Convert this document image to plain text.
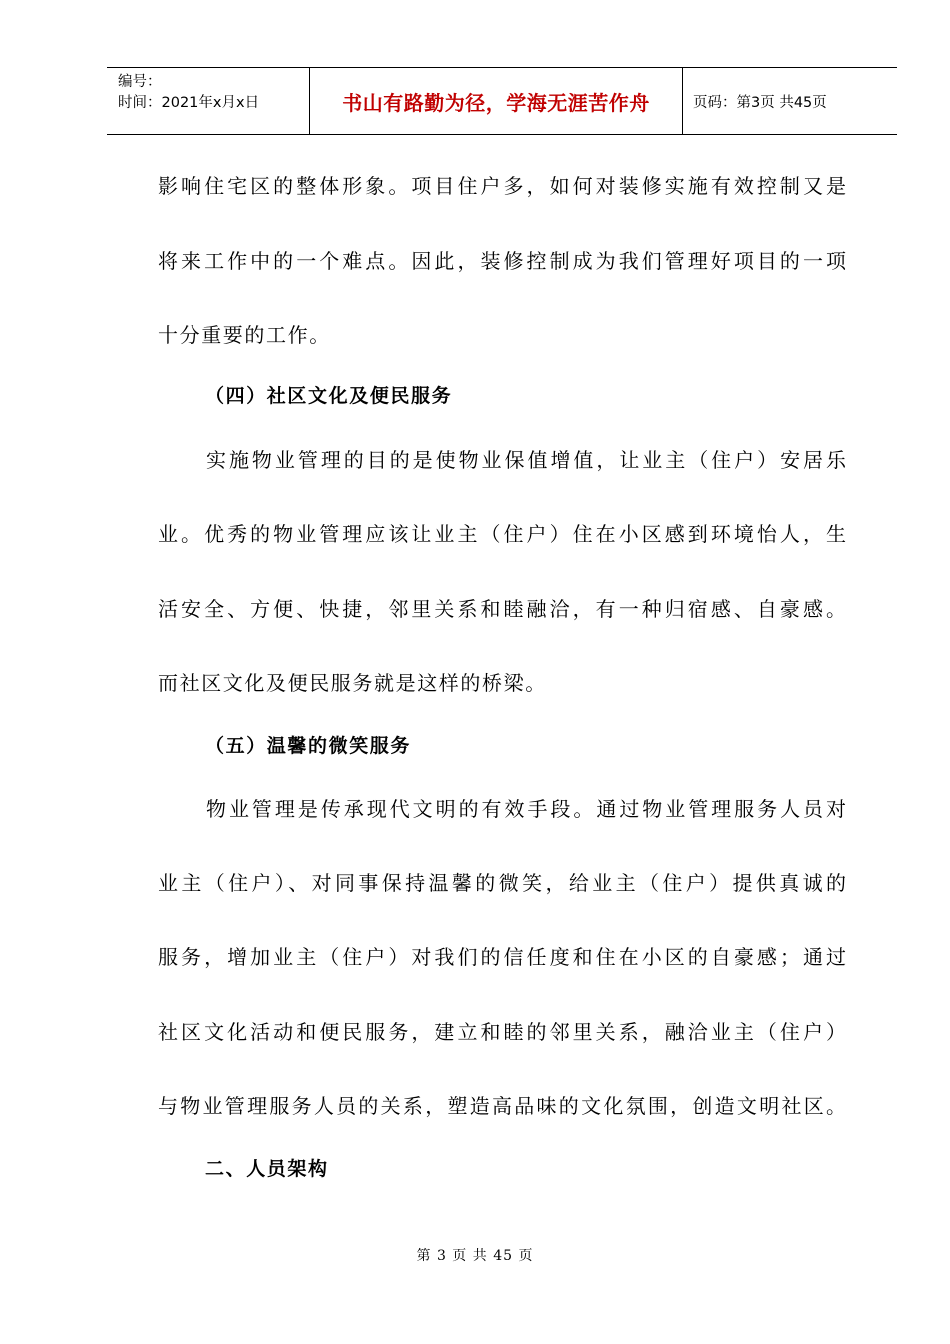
编号：
时间：2021年x月x日	书山有路勤为径，学海无涯苦作舟	页码：第3页 共45页
影响住宅区的整体形象。项目住户多，如何对装修实施有效控制又是
将来工作中的一个难点。因此，装修控制成为我们管理好项目的一项
十分重要的工作。
（四）社区文化及便民服务
实施物业管理的目的是使物业保值增值，让业主（住户）安居乐
业。优秀的物业管理应该让业主（住户）住在小区感到环境怡人，生
活安全、方便、快捷，邻里关系和睦融洽，有一种归宿感、自豪感。
而社区文化及便民服务就是这样的桥梁。
（五）温馨的微笑服务
物业管理是传承现代文明的有效手段。通过物业管理服务人员对
业主（住户）、对同事保持温馨的微笑，给业主（住户）提供真诚的
服务，增加业主（住户）对我们的信任度和住在小区的自豪感；通过
社区文化活动和便民服务，建立和睦的邻里关系，融洽业主（住户）
与物业管理服务人员的关系，塑造高品味的文化氛围，创造文明社区。
二、人员架构
第 3 页 共 45 页
